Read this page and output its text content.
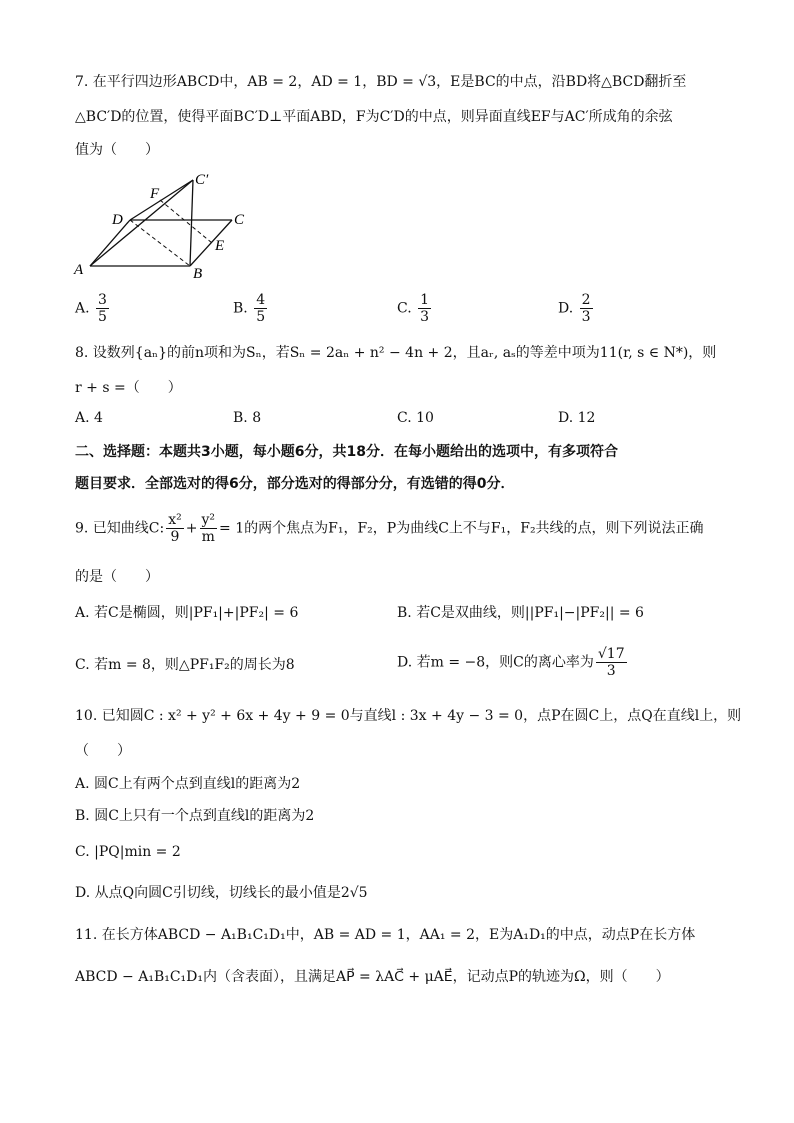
7. 在平行四边形ABCD中，AB = 2，AD = 1，BD = √3，E是BC的中点，沿BD将△BCD翻折至
△BC′D的位置，使得平面BC′D⊥平面ABD，F为C′D的中点，则异面直线EF与AC′所成角的余弦
值为（　　）
C′
F
D	C
E
A	B
A. $\frac{3}{5}$	B. $\frac{4}{5}$	C. $\frac{1}{3}$	D. $\frac{2}{3}$
8. 设数列{aₙ}的前n项和为Sₙ，若Sₙ = 2aₙ + n² − 4n + 2，且aᵣ, aₛ的等差中项为11(r, s ∈ N*)，则
r + s =（　　）
A. 4	B. 8	C. 10	D. 12
二、选择题：本题共3小题，每小题6分，共18分．在每小题给出的选项中，有多项符合
题目要求．全部选对的得6分，部分选对的得部分分，有选错的得0分．
9. 已知曲线C: $\frac{\text{x²}}{9} + \frac{\text{y²}}{m} = 1$的两个焦点为F₁，F₂，P为曲线C上不与F₁，F₂共线的点，则下列说法正确
的是（　　）
A. 若C是椭圆，则|PF₁|+|PF₂| = 6	B. 若C是双曲线，则||PF₁|−|PF₂|| = 6
C. 若m = 8，则△PF₁F₂的周长为8	D. 若m = −8，则C的离心率为 $\frac{√17}{3}$
10. 已知圆C : x² + y² + 6x + 4y + 9 = 0与直线l : 3x + 4y − 3 = 0，点P在圆C上，点Q在直线l上，则
（　　）
A. 圆C上有两个点到直线l的距离为2
B. 圆C上只有一个点到直线l的距离为2
C. |PQ|min = 2
D. 从点Q向圆C引切线，切线长的最小值是2√5
11. 在长方体ABCD − A₁B₁C₁D₁中，AB = AD = 1，AA₁ = 2，E为A₁D₁的中点，动点P在长方体
ABCD − A₁B₁C₁D₁内（含表面），且满足AP⃗ = λAC⃗ + μAE⃗，记动点P的轨迹为Ω，则（　　）
